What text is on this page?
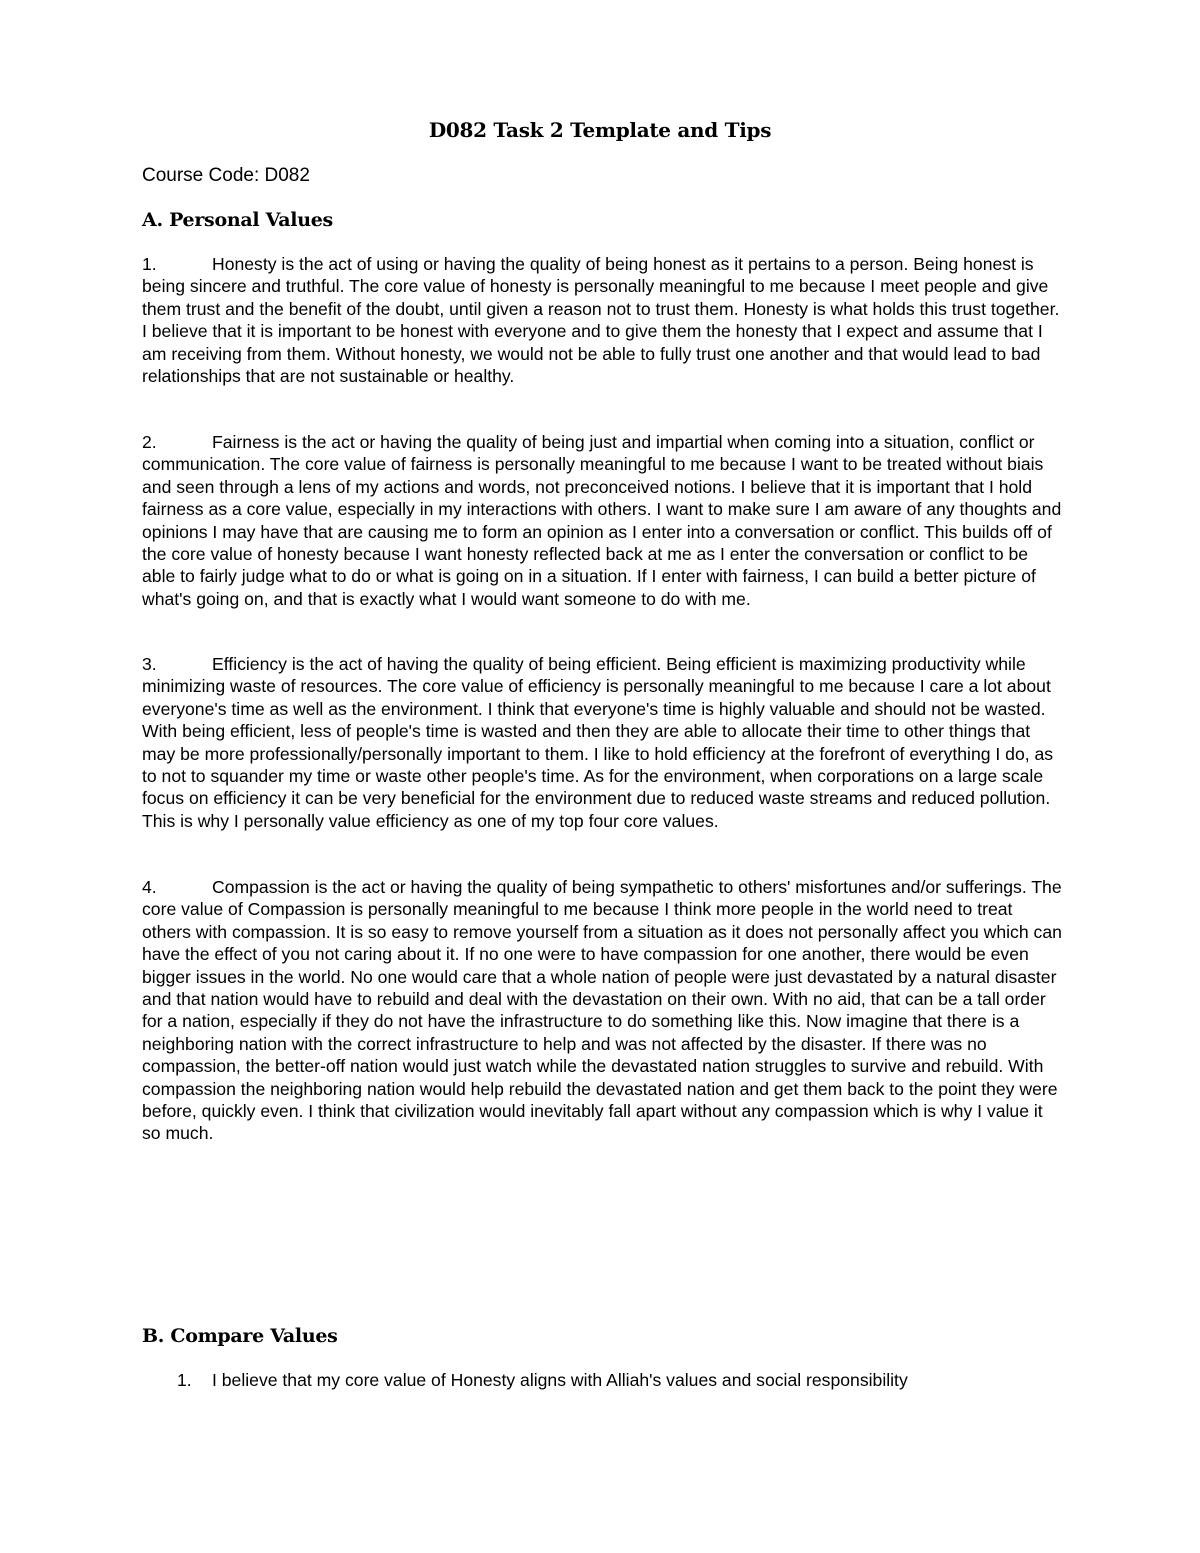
D082 Task 2 Template and Tips
Course Code: D082
A. Personal Values

1.	Honesty is the act of using or having the quality of being honest as it pertains to a person. Being honest is being sincere and truthful. The core value of honesty is personally meaningful to me because I meet people and give them trust and the benefit of the doubt, until given a reason not to trust them. Honesty is what holds this trust together. I believe that it is important to be honest with everyone and to give them the honesty that I expect and assume that I am receiving from them. Without honesty, we would not be able to fully trust one another and that would lead to bad relationships that are not sustainable or healthy.

2.	Fairness is the act or having the quality of being just and impartial when coming into a situation, conflict or communication. The core value of fairness is personally meaningful to me because I want to be treated without biais and seen through a lens of my actions and words, not preconceived notions. I believe that it is important that I hold fairness as a core value, especially in my interactions with others. I want to make sure I am aware of any thoughts and opinions I may have that are causing me to form an opinion as I enter into a conversation or conflict. This builds off of the core value of honesty because I want honesty reflected back at me as I enter the conversation or conflict to be able to fairly judge what to do or what is going on in a situation. If I enter with fairness, I can build a better picture of what's going on, and that is exactly what I would want someone to do with me.

3.	Efficiency is the act of having the quality of being efficient. Being efficient is maximizing productivity while minimizing waste of resources. The core value of efficiency is personally meaningful to me because I care a lot about everyone's time as well as the environment. I think that everyone's time is highly valuable and should not be wasted. With being efficient, less of people's time is wasted and then they are able to allocate their time to other things that may be more professionally/personally important to them. I like to hold efficiency at the forefront of everything I do, as to not to squander my time or waste other people's time. As for the environment, when corporations on a large scale focus on efficiency it can be very beneficial for the environment due to reduced waste streams and reduced pollution. This is why I personally value efficiency as one of my top four core values.

4.	Compassion is the act or having the quality of being sympathetic to others' misfortunes and/or sufferings. The core value of Compassion is personally meaningful to me because I think more people in the world need to treat others with compassion. It is so easy to remove yourself from a situation as it does not personally affect you which can have the effect of you not caring about it. If no one were to have compassion for one another, there would be even bigger issues in the world. No one would care that a whole nation of people were just devastated by a natural disaster and that nation would have to rebuild and deal with the devastation on their own. With no aid, that can be a tall order for a nation, especially if they do not have the infrastructure to do something like this. Now imagine that there is a neighboring nation with the correct infrastructure to help and was not affected by the disaster. If there was no compassion, the better-off nation would just watch while the devastated nation struggles to survive and rebuild. With compassion the neighboring nation would help rebuild the devastated nation and get them back to the point they were before, quickly even. I think that civilization would inevitably fall apart without any compassion which is why I value it so much.

B. Compare Values
1. I believe that my core value of Honesty aligns with Alliah's values and social responsibility
